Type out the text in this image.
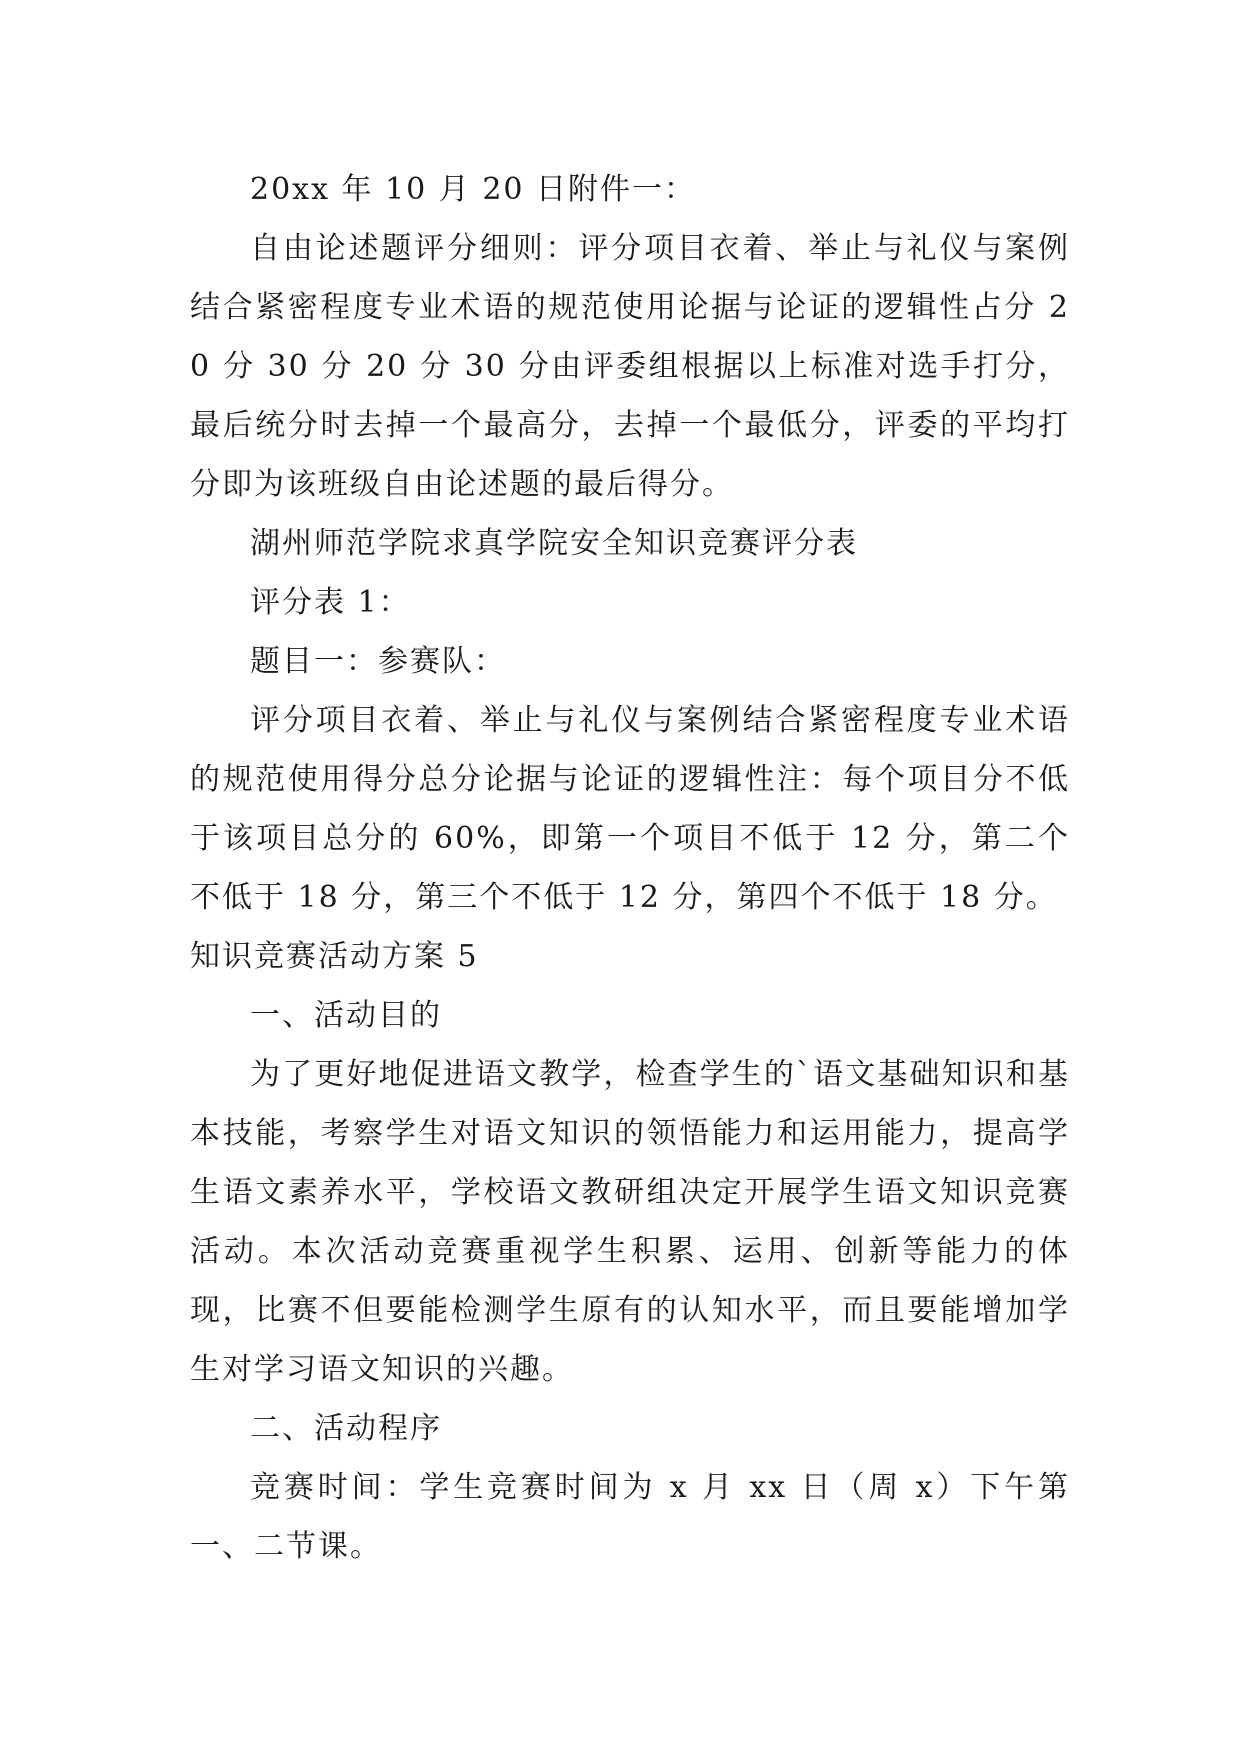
20xx 年 10 月 20 日附件一：

自由论述题评分细则：评分项目衣着、举止与礼仪与案例结合紧密程度专业术语的规范使用论据与论证的逻辑性占分 20 分 30 分 20 分 30 分由评委组根据以上标准对选手打分，最后统分时去掉一个最高分，去掉一个最低分，评委的平均打分即为该班级自由论述题的最后得分。

湖州师范学院求真学院安全知识竞赛评分表

评分表 1：

题目一：参赛队：

评分项目衣着、举止与礼仪与案例结合紧密程度专业术语的规范使用得分总分论据与论证的逻辑性注：每个项目分不低于该项目总分的 60%，即第一个项目不低于 12 分，第二个不低于 18 分，第三个不低于 12 分，第四个不低于 18 分。

知识竞赛活动方案 5

一、活动目的

为了更好地促进语文教学，检查学生的`语文基础知识和基本技能，考察学生对语文知识的领悟能力和运用能力，提高学生语文素养水平，学校语文教研组决定开展学生语文知识竞赛活动。本次活动竞赛重视学生积累、运用、创新等能力的体现，比赛不但要能检测学生原有的认知水平，而且要能增加学生对学习语文知识的兴趣。

二、活动程序

竞赛时间：学生竞赛时间为 x 月 xx 日（周 x）下午第一、二节课。
